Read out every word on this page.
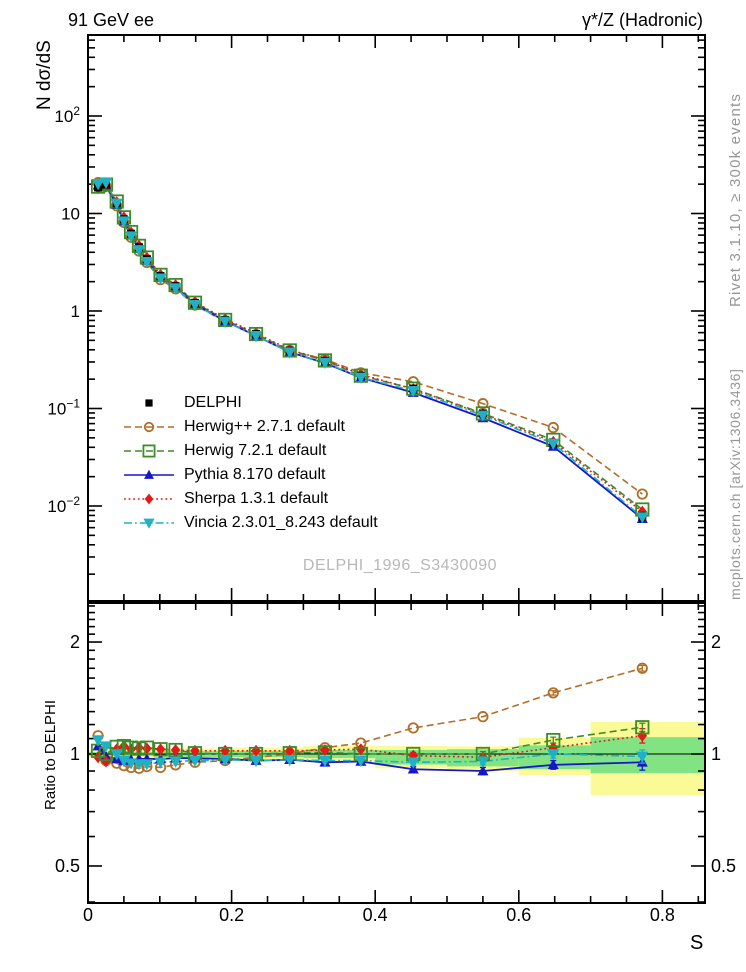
0	0.2	0.4	0.6	0.8
$10^2$
10
1
$10^{-1}$
$10^{-2}$
2	2
1	1
0.5	0.5
91 GeV ee	γ*/Z (Hadronic)
N dσ/dS
Ratio to DELPHI
S
Rivet 3.1.10, ≥ 300k events
mcplots.cern.ch [arXiv:1306.3436]
DELPHI_1996_S3430090
DELPHI
Herwig++ 2.7.1 default
Herwig 7.2.1 default
Pythia 8.170 default
Sherpa 1.3.1 default
Vincia 2.3.01_8.243 default
